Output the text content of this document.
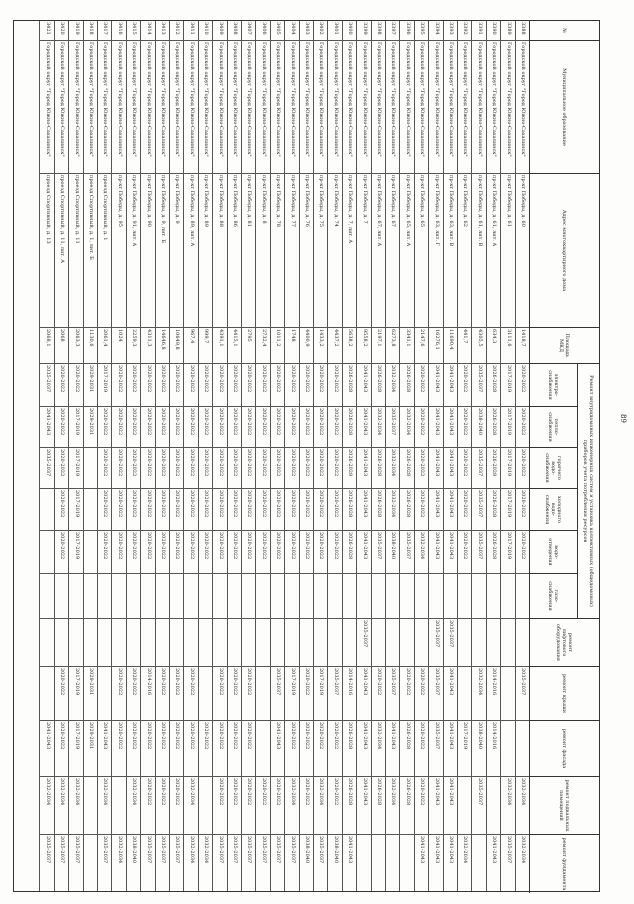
89
№
Муниципальное образование
Адрес многоквартирного дома
Площадь МКД
Ремонт внутридомовых инженерных систем и установка коллективных (общедомовых) приборов учета потребления ресурсов
электро-снабжения
тепло-снабжения
горячего водо-снабжения
холодного водо-снабжения
водо-отведения
газо-снабжения
ремонт лифтового оборудования
ремонт крыши
ремонт фасада
ремонт подвальных помещений
ремонт фундамента
3388
Городской округ "Город Южно-Сахалинск"
пр-кт Победы, д. 60
1418,7
2020-2022
2020-2022
2020-2022
2020-2022
2020-2022
2035-2037
2032-2034
2032-2034
3389
Городской округ "Город Южно-Сахалинск"
пр-кт Победы, д. 61
3111,6
2017-2019
2017-2019
2017-2019
2017-2019
2017-2019
2032-2034
2035-2037
3390
Городской округ "Город Южно-Сахалинск"
пр-кт Победы, д. 61, лит. А
634,3
2026-2028
2026-2028
2026-2028
2026-2028
2026-2028
2014-2016
2014-2016
2041-2043
3391
Городской округ "Город Южно-Сахалинск"
пр-кт Победы, д. 61, лит. В
4305,5
2035-2037
2038-2040
2035-2037
2035-2037
2035-2037
2032-2034
2038-2040
2035-2037
3392
Городской округ "Город Южно-Сахалинск"
пр-кт Победы, д. 62
441,7
2020-2022
2020-2022
2020-2022
2020-2022
2020-2022
2017-2019
2032-2034
3393
Городской округ "Город Южно-Сахалинск"
пр-кт Победы, д. 63, лит. В
11690,4
2041-2043
2041-2043
2041-2043
2041-2043
2041-2043
2035-2037
2041-2043
2041-2043
2041-2043
2041-2043
3394
Городской округ "Город Южно-Сахалинск"
пр-кт Победы, д. 63, лит. Г
16276,1
2041-2043
2041-2043
2041-2043
2041-2043
2041-2043
2035-2037
2035-2037
2035-2037
2041-2043
2041-2043
3395
Городской округ "Город Южно-Сахалинск"
пр-кт Победы, д. 65
2147,6
2020-2022
2020-2022
2020-2022
2020-2022
2032-2034
2020-2022
2020-2022
2020-2022
2041-2043
3396
Городской округ "Город Южно-Сахалинск"
пр-кт Победы, д. 65, лит. А
3341,1
2026-2028
2032-2034
2026-2028
2026-2028
2035-2037
2020-2022
2026-2028
2026-2028
3397
Городской округ "Город Южно-Сахалинск"
пр-кт Победы, д. 67
6273,8
2032-2034
2035-2037
2032-2034
2032-2034
2038-2040
2035-2037
2041-2043
2032-2034
3398
Городской округ "Город Южно-Сахалинск"
пр-кт Победы, д. 67, лит. А
2197,1
2026-2028
2032-2034
2026-2028
2026-2028
2035-2037
2020-2022
2032-2034
2026-2028
3399
Городской округ "Город Южно-Сахалинск"
пр-кт Победы, д. 7
9558,2
2041-2043
2041-2043
2041-2043
2041-2043
2041-2043
2035-2037
2041-2043
2041-2043
2041-2043
3400
Городской округ "Город Южно-Сахалинск"
пр-кт Победы, д. 7, лит. А
5638,2
2026-2028
2026-2028
2026-2028
2026-2028
2026-2028
2014-2016
2026-2028
2026-2028
2041-2043
3401
Городской округ "Город Южно-Сахалинск"
пр-кт Победы, д. 74
4437,2
2020-2022
2020-2022
2020-2022
2020-2022
2020-2022
2035-2037
2020-2022
2020-2022
2038-2040
3402
Городской округ "Город Южно-Сахалинск"
пр-кт Победы, д. 75
1433,2
2020-2022
2020-2022
2020-2022
2020-2022
2020-2022
2017-2019
2020-2022
2032-2034
2035-2037
3403
Городской округ "Город Южно-Сахалинск"
пр-кт Победы, д. 76
4400,9
2020-2022
2020-2022
2020-2022
2020-2022
2020-2022
2020-2022
2020-2022
2020-2022
2038-2040
3404
Городской округ "Город Южно-Сахалинск"
пр-кт Победы, д. 77
1748
2020-2022
2020-2022
2020-2022
2020-2022
2020-2022
2017-2019
2020-2022
2032-2034
2035-2037
3405
Городской округ "Город Южно-Сахалинск"
пр-кт Победы, д. 78
1011,2
2020-2022
2020-2022
2020-2022
2020-2022
2020-2022
2035-2037
2041-2043
2020-2022
2035-2037
3406
Городской округ "Город Южно-Сахалинск"
пр-кт Победы, д. 8
2732,4
2020-2022
2020-2022
2020-2022
2020-2022
2020-2022
2020-2022
2035-2037
3407
Городской округ "Город Южно-Сахалинск"
пр-кт Победы, д. 81
2795
2020-2022
2020-2022
2020-2022
2020-2022
2020-2022
2020-2022
2020-2022
2020-2022
2035-2037
3408
Городской округ "Город Южно-Сахалинск"
пр-кт Победы, д. 86
4415,1
2020-2022
2020-2022
2020-2022
2020-2022
2020-2022
2020-2022
2020-2022
2020-2022
2035-2037
3409
Городской округ "Город Южно-Сахалинск"
пр-кт Победы, д. 88
4391,1
2020-2022
2020-2022
2020-2022
2020-2022
2020-2022
2020-2022
2020-2022
2020-2022
2035-2037
3410
Городской округ "Город Южно-Сахалинск"
пр-кт Победы, д. 89
999,7
2020-2022
2020-2022
2020-2022
2020-2022
2020-2022
2020-2022
2032-2034
3411
Городской округ "Город Южно-Сахалинск"
пр-кт Победы, д. 89, лит. А
967,4
2020-2022
2020-2022
2020-2022
2020-2022
2020-2022
2020-2022
2020-2022
2032-2034
2032-2034
3412
Городской округ "Город Южно-Сахалинск"
пр-кт Победы, д. 9
10649,8
2020-2022
2020-2022
2020-2022
2020-2022
2020-2022
2020-2022
2020-2022
2020-2022
2035-2037
3413
Городской округ "Город Южно-Сахалинск"
пр-кт Победы, д. 9, лит. Б
14646,8
2020-2022
2020-2022
2020-2022
2020-2022
2020-2022
2020-2022
2020-2022
2020-2022
2035-2037
3414
Городской округ "Город Южно-Сахалинск"
пр-кт Победы, д. 90
4311,3
2020-2022
2020-2022
2020-2022
2020-2022
2020-2022
2014-2016
2020-2022
2020-2022
2035-2037
3415
Городской округ "Город Южно-Сахалинск"
пр-кт Победы, д. 91, лит. А
2259,3
2020-2022
2020-2022
2020-2022
2020-2022
2020-2022
2020-2022
2020-2022
2032-2034
2038-2040
3416
Городской округ "Город Южно-Сахалинск"
пр-кт Победы, д. 95
1024
2020-2022
2020-2022
2020-2022
2020-2022
2020-2022
2020-2022
2020-2022
2032-2034
3417
Городской округ "Город Южно-Сахалинск"
проезд Спортивный, д. 1
2061,4
2017-2019
2020-2022
2020-2022
2020-2022
2020-2022
2041-2043
2032-2034
2035-2037
3418
Городской округ "Город Южно-Сахалинск"
проезд Спортивный, д. 1, лит. Б
1130,6
2029-2031
2029-2031
2029-2031
2029-2031
3419
Городской округ "Город Южно-Сахалинск"
проезд Спортивный, д. 11
2063,3
2020-2022
2017-2019
2017-2019
2017-2019
2017-2019
2017-2019
2017-2019
2032-2034
2035-2037
3420
Городской округ "Город Южно-Сахалинск"
проезд Спортивный, д. 11, лит. А
2068
2020-2022
2020-2022
2020-2022
2020-2022
2020-2022
2020-2022
2020-2022
2032-2034
2035-2037
3421
Городской округ "Город Южно-Сахалинск"
проезд Спортивный, д. 13
2068,1
2035-2037
2041-2043
2035-2037
2041-2043
2032-2034
2035-2037
